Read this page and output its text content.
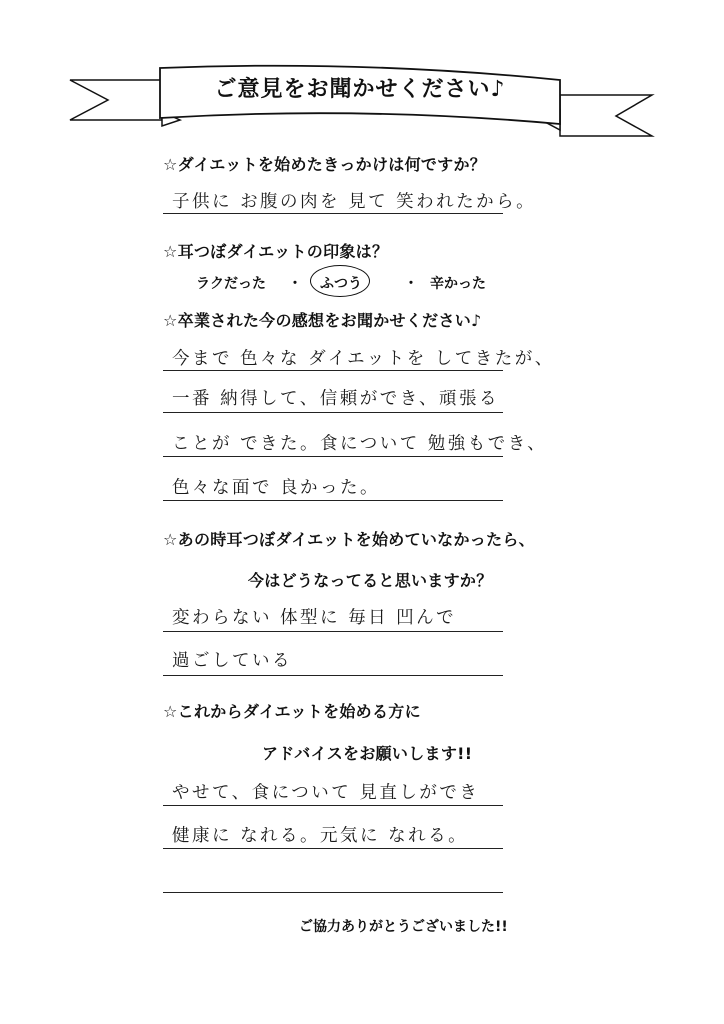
ご意見をお聞かせください♪
☆ダイエットを始めたきっかけは何ですか？
子供に お腹の肉を 見て 笑われたから。
☆耳つぼダイエットの印象は？
ラクだった ・ ふつう	・ 辛かった
☆卒業された今の感想をお聞かせください♪
今まで 色々な ダイエットを してきたが、
一番 納得して、信頼ができ、頑張る
ことが できた。食について 勉強もでき、
色々な面で 良かった。
☆あの時耳つぼダイエットを始めていなかったら、
今はどうなってると思いますか？
変わらない 体型に 毎日 凹んで
過ごしている
☆これからダイエットを始める方に
アドバイスをお願いします!!
やせて、食について 見直しができ
健康に なれる。元気に なれる。
ご協力ありがとうございました!!
